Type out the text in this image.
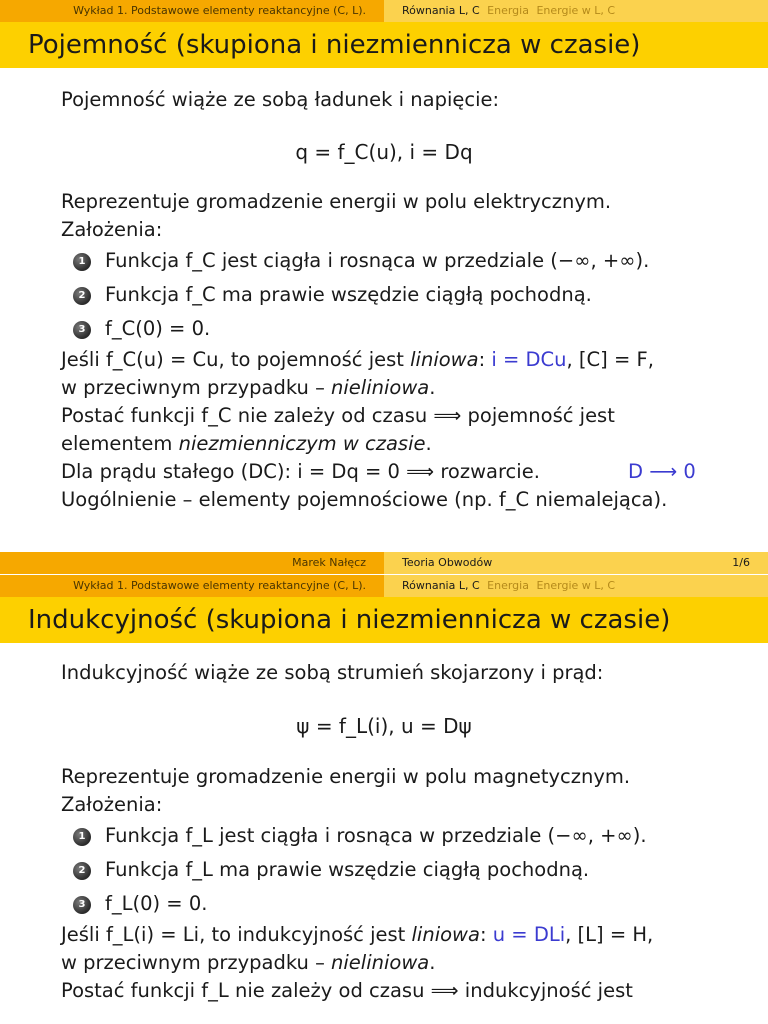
Wykład 1. Podstawowe elementy reaktancyjne (C, L).	Równania L, C Energia Energie w L, C
Pojemność (skupiona i niezmiennicza w czasie)
Pojemność wiąże ze sobą ładunek i napięcie:
q = f_C(u), i = Dq
Reprezentuje gromadzenie energii w polu elektrycznym.
Założenia:
1 Funkcja f_C jest ciągła i rosnąca w przedziale (−∞, +∞).
2 Funkcja f_C ma prawie wszędzie ciągłą pochodną.
3 f_C(0) = 0.
Jeśli f_C(u) = Cu, to pojemność jest liniowa: i = DCu, [C] = F,
w przeciwnym przypadku – nieliniowa.
Postać funkcji f_C nie zależy od czasu ⟹ pojemność jest
elementem niezmienniczym w czasie.
Dla prądu stałego (DC): i = Dq = 0 ⟹ rozwarcie.	D ⟶ 0
Uogólnienie – elementy pojemnościowe (np. f_C niemalejąca).
Marek Nałęcz	Teoria Obwodów	1/6
Wykład 1. Podstawowe elementy reaktancyjne (C, L).	Równania L, C Energia Energie w L, C
Indukcyjność (skupiona i niezmiennicza w czasie)
Indukcyjność wiąże ze sobą strumień skojarzony i prąd:
ψ = f_L(i), u = Dψ
Reprezentuje gromadzenie energii w polu magnetycznym.
Założenia:
1 Funkcja f_L jest ciągła i rosnąca w przedziale (−∞, +∞).
2 Funkcja f_L ma prawie wszędzie ciągłą pochodną.
3 f_L(0) = 0.
Jeśli f_L(i) = Li, to indukcyjność jest liniowa: u = DLi, [L] = H,
w przeciwnym przypadku – nieliniowa.
Postać funkcji f_L nie zależy od czasu ⟹ indukcyjność jest
